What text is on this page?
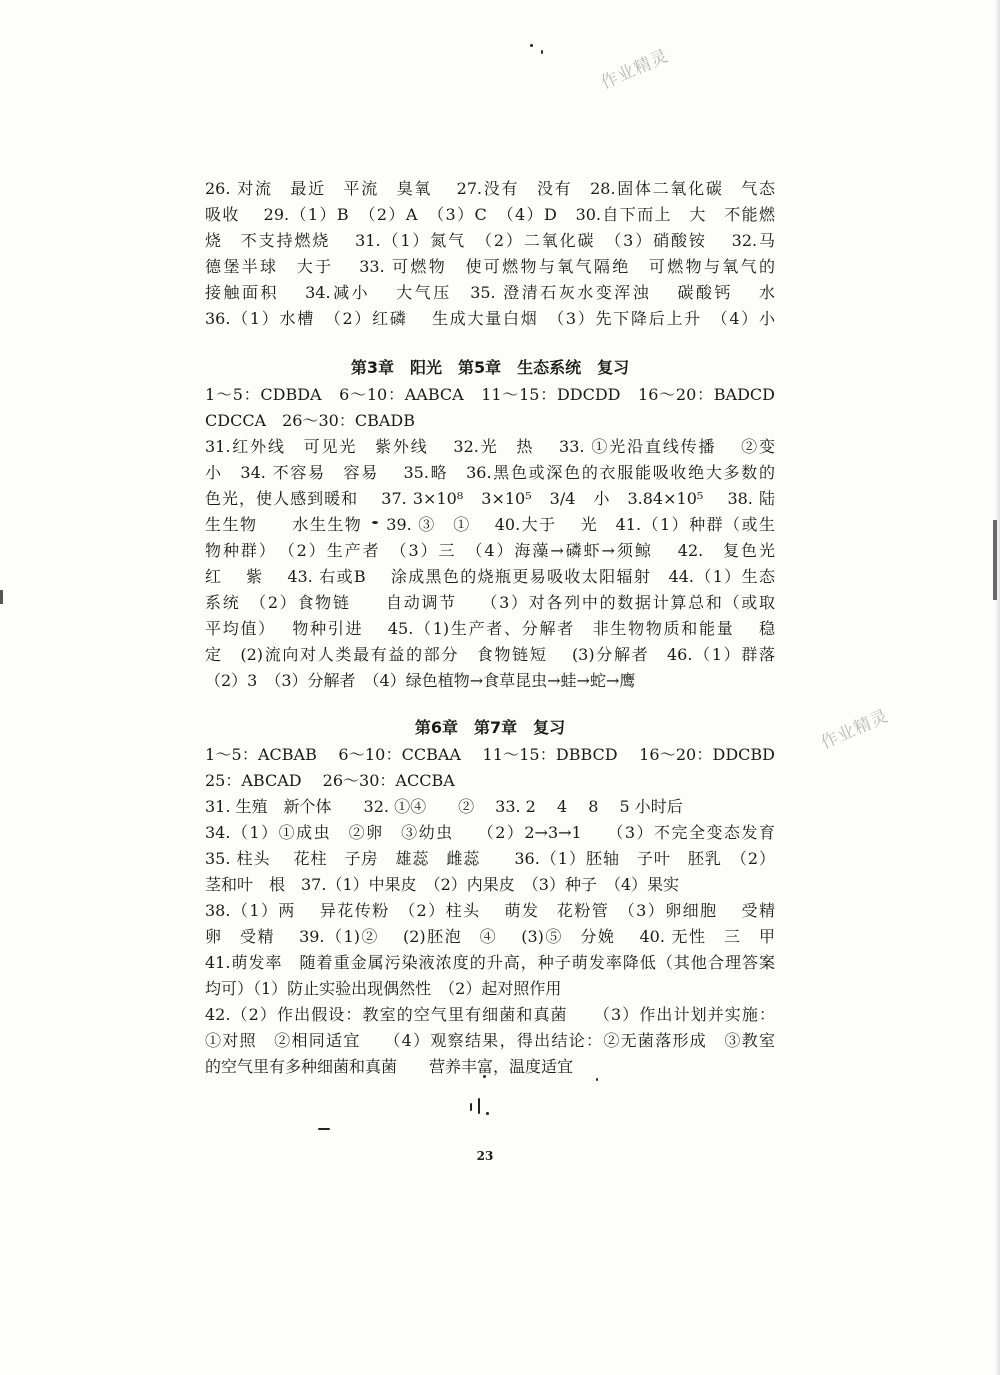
作业精灵
作业精灵
26. 对流　最近　平流　臭氧　 27.没有　没有　28.固体二氧化碳　气态
吸收　 29.（1）B　（2）A　（3）C　（4）D　30.自下而上　大　不能燃
烧　不支持燃烧　 31.（1）氮气　（2）二氧化碳　（3）硝酸铵　 32.马
德堡半球　大于　 33. 可燃物　使可燃物与氧气隔绝　可燃物与氧气的
接触面积　 34.减小　 大气压　35. 澄清石灰水变浑浊　 碳酸钙　 水
36.（1）水槽　（2）红磷　 生成大量白烟　（3）先下降后上升　（4）小
第3章　阳光　第5章　生态系统　复习
1～5：CDBDA　6～10：AABCA　11～15：DDCDD　16～20：BADCD　
CDCCA　26～30：CBADB
31.红外线　可见光　紫外线　 32.光　热　 33. ①光沿直线传播　 ②变
小　34. 不容易　容易　 35.略　36.黑色或深色的衣服能吸收绝大多数的
色光，使人感到暖和　 37. 3×10⁸　3×10⁵　3/4　小　3.84×10⁵　 38. 陆
生生物　　水生生物　 39. ③　①　 40.大于　 光　41.（1）种群（或生
物种群）　（2）生产者　（3）三　（4）海藻→磷虾→须鲸　 42.　复色光
红　 紫　 43. 右或B　 涂成黑色的烧瓶更易吸收太阳辐射　44.（1）生态
系统　（2）食物链　　自动调节　 （3）对各列中的数据计算总和（或取
平均值）　 物种引进　 45.（1)生产者、分解者　非生物物质和能量　 稳
定　(2)流向对人类最有益的部分　食物链短　 (3)分解者　46.（1）群落
（2）3　（3）分解者　（4）绿色植物→食草昆虫→蛙→蛇→鹰
第6章　第7章　复习
1～5：ACBAB　 6～10：CCBAA　 11～15：DBBCD　 16～20：DDCBD　
25：ABCAD　 26～30：ACCBA
31. 生殖　新个体　　32. ①④　　②　 33. 2　 4　 8　 5 小时后
34.（1）①成虫　②卵　③幼虫　 （2）2→3→1　 （3）不完全变态发育
35. 柱头　 花柱　子房　雄蕊　雌蕊　　36.（1）胚轴　子叶　胚乳　（2）
茎和叶　根　37.（1）中果皮　（2）内果皮　（3）种子　（4）果实
38.（1）两　 异花传粉　（2）柱头　 萌发　花粉管　（3）卵细胞　 受精
卵　受精　 39.（1)②　 (2)胚泡　④　 (3)⑤　分娩　 40. 无性　三　甲
41.萌发率　随着重金属污染液浓度的升高，种子萌发率降低（其他合理答案
均可）（1）防止实验出现偶然性　（2）起对照作用
42.（2）作出假设：教室的空气里有细菌和真菌　　（3）作出计划并实施：
①对照　②相同适宜　 （4）观察结果，得出结论：②无菌落形成　③教室
的空气里有多种细菌和真菌　　营养丰富，温度适宜
23
